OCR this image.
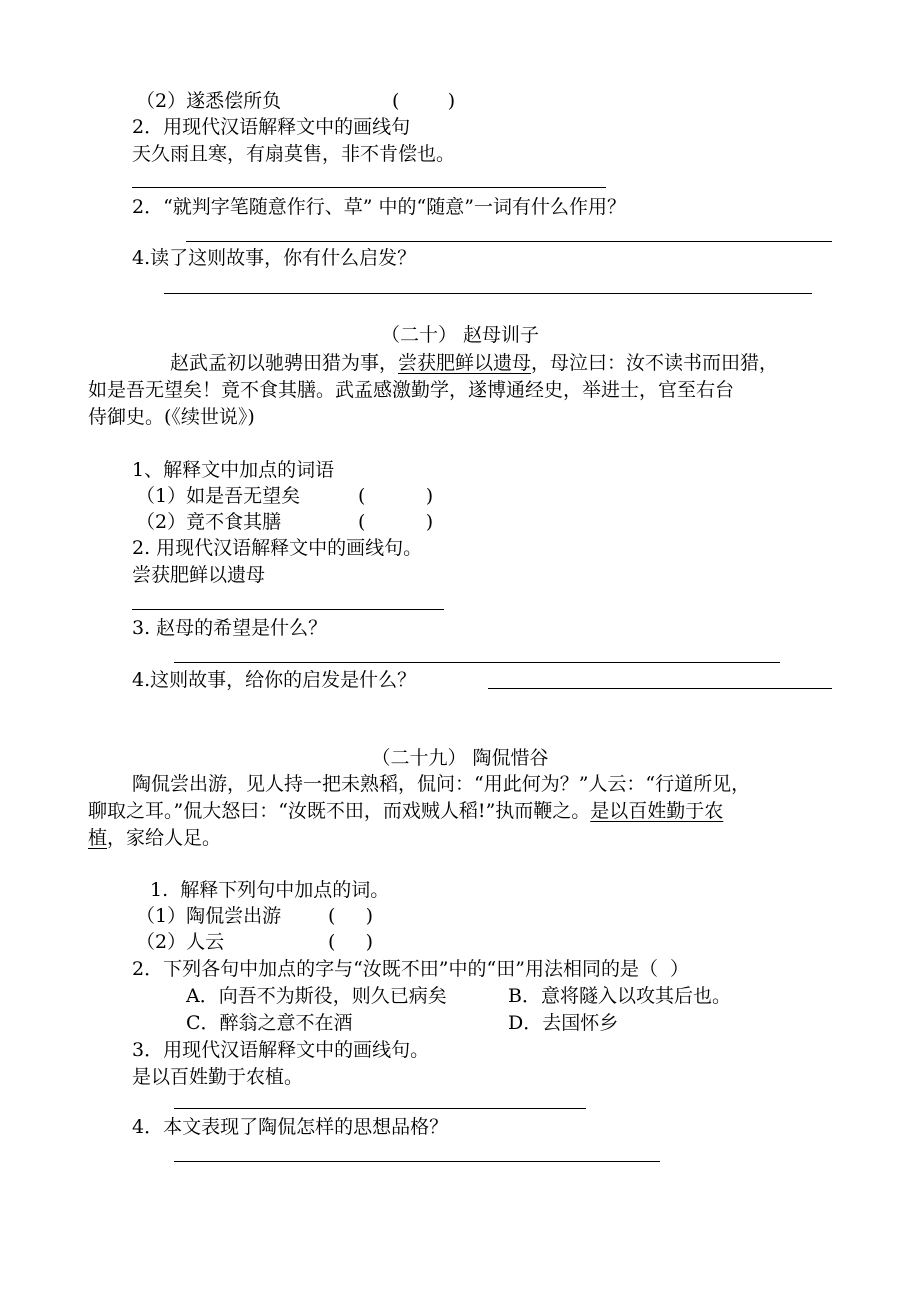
（2）遂悉偿所负	(        )
2．用现代汉语解释文中的画线句
天久雨且寒，有扇莫售，非不肯偿也。
2．“就判字笔随意作行、草” 中的“随意”一词有什么作用？
4.读了这则故事，你有什么启发？
（二十） 赵母训子
赵武孟初以驰骋田猎为事，尝获肥鲜以遗母，母泣曰：汝不读书而田猎，
如是吾无望矣！竟不食其膳。武孟感激勤学，遂博通经史，举进士，官至右台
侍御史。(《续世说》)
1、解释文中加点的词语
（1）如是吾无望矣	(          )
（2）竟不食其膳	(          )
2. 用现代汉语解释文中的画线句。
尝获肥鲜以遗母
3. 赵母的希望是什么？
4.这则故事，给你的启发是什么？
（二十九） 陶侃惜谷
陶侃尝出游，见人持一把未熟稻，侃问：“用此何为？”人云：“行道所见，
聊取之耳。”侃大怒曰：“汝既不田，而戏贼人稻!”执而鞭之。是以百姓勤于农
植，家给人足。
1.  解释下列句中加点的词。
（1）陶侃尝出游 (     )
（2）人云	(     )
2．下列各句中加点的字与“汝既不田”中的“田”用法相同的是（  ）
A．向吾不为斯役，则久已病矣	B．意将隧入以攻其后也。
C．醉翁之意不在酒	D．去国怀乡
3．用现代汉语解释文中的画线句。
是以百姓勤于农植。
4．本文表现了陶侃怎样的思想品格？
